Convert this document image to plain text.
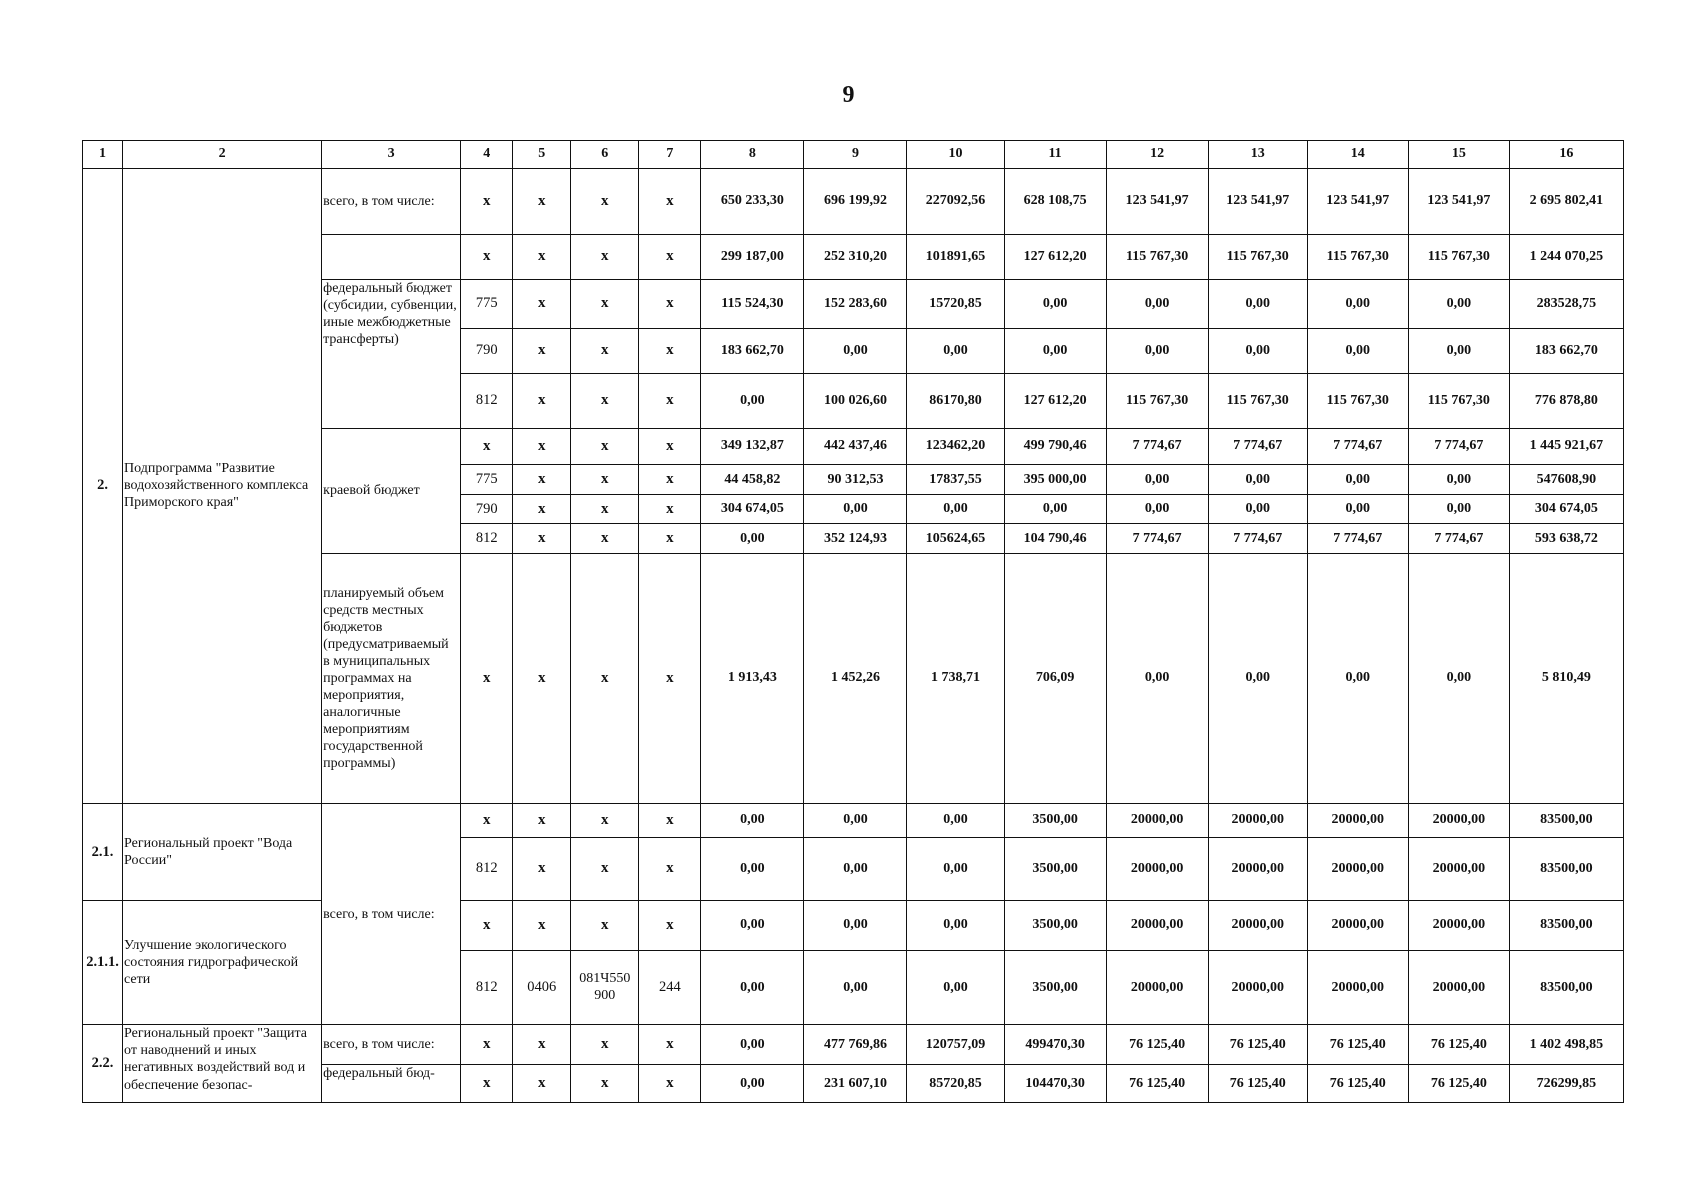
9
1	2	3	4	5	6	7	8	9	10	11	12	13	14	15	16
2.	Подпрограмма "Развитие водохозяйственного комплекса Приморского края"	всего, в том числе:	x	x	x	x	650 233,30	696 199,92	227092,56	628 108,75	123 541,97	123 541,97	123 541,97	123 541,97	2 695 802,41
			x	x	x	x	299 187,00	252 310,20	101891,65	127 612,20	115 767,30	115 767,30	115 767,30	115 767,30	1 244 070,25
		федеральный бюджет (субсидии, субвенции, иные межбюджетные трансферты)	775	x	x	x	115 524,30	152 283,60	15720,85	0,00	0,00	0,00	0,00	0,00	283528,75
			790	x	x	x	183 662,70	0,00	0,00	0,00	0,00	0,00	0,00	0,00	183 662,70
			812	x	x	x	0,00	100 026,60	86170,80	127 612,20	115 767,30	115 767,30	115 767,30	115 767,30	776 878,80
		краевой бюджет	x	x	x	x	349 132,87	442 437,46	123462,20	499 790,46	7 774,67	7 774,67	7 774,67	7 774,67	1 445 921,67
			775	x	x	x	44 458,82	90 312,53	17837,55	395 000,00	0,00	0,00	0,00	0,00	547608,90
			790	x	x	x	304 674,05	0,00	0,00	0,00	0,00	0,00	0,00	0,00	304 674,05
			812	x	x	x	0,00	352 124,93	105624,65	104 790,46	7 774,67	7 774,67	7 774,67	7 774,67	593 638,72
		планируемый объем средств местных бюджетов (предусматриваемый в муниципальных программах на мероприятия, аналогичные мероприятиям государственной программы)	x	x	x	x	1 913,43	1 452,26	1 738,71	706,09	0,00	0,00	0,00	0,00	5 810,49
2.1.	Региональный проект "Вода России"	всего, в том числе:	x	x	x	x	0,00	0,00	0,00	3500,00	20000,00	20000,00	20000,00	20000,00	83500,00
			812	x	x	x	0,00	0,00	0,00	3500,00	20000,00	20000,00	20000,00	20000,00	83500,00
2.1.1.	Улучшение экологического состояния гидрографической сети		x	x	x	x	0,00	0,00	0,00	3500,00	20000,00	20000,00	20000,00	20000,00	83500,00
			812	0406	081Ч550 900	244	0,00	0,00	0,00	3500,00	20000,00	20000,00	20000,00	20000,00	83500,00
2.2.	Региональный проект "Защита от наводнений и иных негативных воздействий вод и обеспечение безопас-	всего, в том числе:	x	x	x	x	0,00	477 769,86	120757,09	499470,30	76 125,40	76 125,40	76 125,40	76 125,40	1 402 498,85
		федеральный бюд-	x	x	x	x	0,00	231 607,10	85720,85	104470,30	76 125,40	76 125,40	76 125,40	76 125,40	726299,85
